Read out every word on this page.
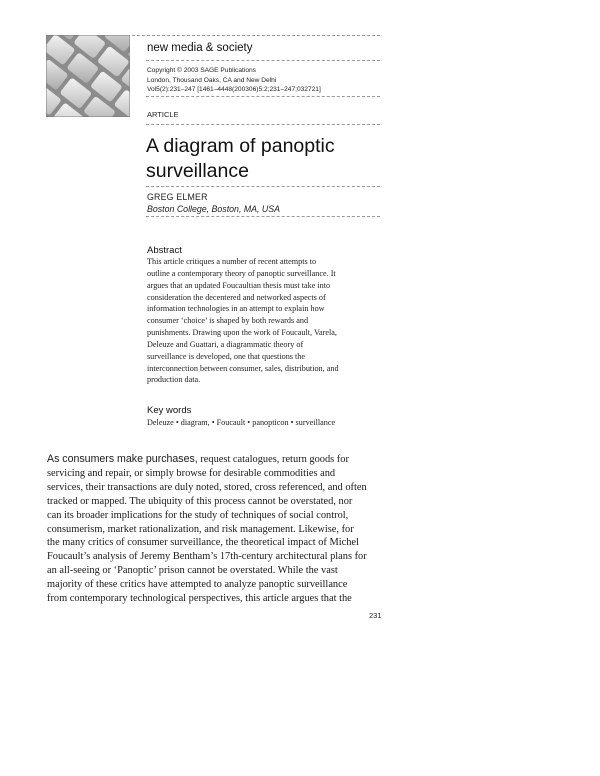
new media & society
Copyright © 2003 SAGE Publications
London, Thousand Oaks, CA and New Delhi
Vol5(2):231–247 [1461–4448(200306)5:2;231–247;032721]
ARTICLE
A diagram of panoptic
surveillance
GREG ELMER
Boston College, Boston, MA, USA
Abstract
This article critiques a number of recent attempts to
outline a contemporary theory of panoptic surveillance. It
argues that an updated Foucaultian thesis must take into
consideration the decentered and networked aspects of
information technologies in an attempt to explain how
consumer ‘choice’ is shaped by both rewards and
punishments. Drawing upon the work of Foucault, Varela,
Deleuze and Guattari, a diagrammatic theory of
surveillance is developed, one that questions the
interconnection between consumer, sales, distribution, and
production data.
Key words
Deleuze • diagram, • Foucault • panopticon • surveillance
As consumers make purchases, request catalogues, return goods for
servicing and repair, or simply browse for desirable commodities and
services, their transactions are duly noted, stored, cross referenced, and often
tracked or mapped. The ubiquity of this process cannot be overstated, nor
can its broader implications for the study of techniques of social control,
consumerism, market rationalization, and risk management. Likewise, for
the many critics of consumer surveillance, the theoretical impact of Michel
Foucault’s analysis of Jeremy Bentham’s 17th-century architectural plans for
an all-seeing or ‘Panoptic’ prison cannot be overstated. While the vast
majority of these critics have attempted to analyze panoptic surveillance
from contemporary technological perspectives, this article argues that the
231
